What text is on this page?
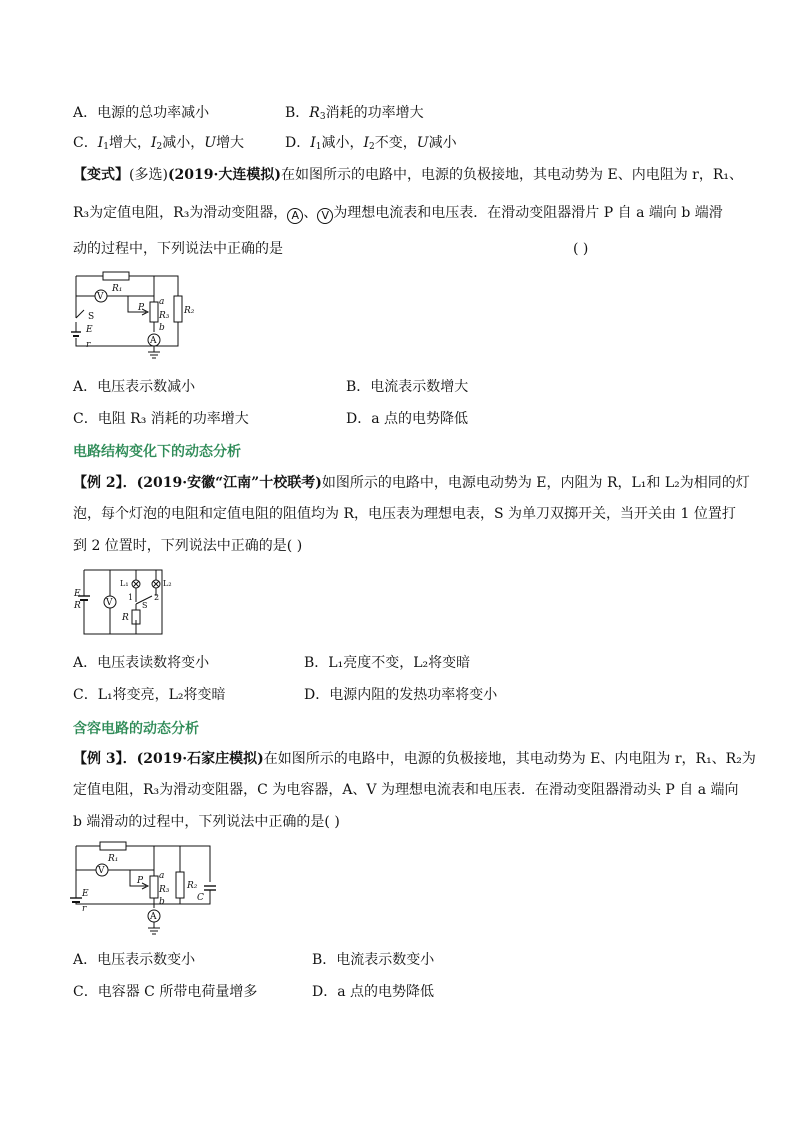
A．电源的总功率减小	B．$R_3$消耗的功率增大
C．$I_1$增大，$I_2$减小，U增大	D．$I_1$减小，$I_2$不变，U减小
【变式】(多选)(2019·大连模拟)在如图所示的电路中，电源的负极接地，其电动势为 E、内电阻为 r，R₁、
R₃为定值电阻，R₃为滑动变阻器， A 、 V 为理想电流表和电压表．在滑动变阻器滑片 P 自 a 端向 b 端滑
动的过程中，下列说法中正确的是	( )
R₁
V
A
R₂
R₃
a
b
P
S
E
r
A．电压表示数减小	B．电流表示数增大
C．电阻 R₃ 消耗的功率增大	D．a 点的电势降低
电路结构变化下的动态分析
【例 2】．(2019·安徽“江南”十校联考)如图所示的电路中，电源电动势为 E，内阻为 R，L₁和 L₂为相同的灯
泡，每个灯泡的电阻和定值电阻的阻值均为 R，电压表为理想电表，S 为单刀双掷开关，当开关由 1 位置打
到 2 位置时，下列说法中正确的是( )
E
R	V
L₁	L₂
1	2
S
R
A．电压表读数将变小	B．L₁亮度不变，L₂将变暗
C．L₁将变亮，L₂将变暗	D．电源内阻的发热功率将变小
含容电路的动态分析
【例 3】．(2019·石家庄模拟)在如图所示的电路中，电源的负极接地，其电动势为 E、内电阻为 r，R₁、R₂为
定值电阻，R₃为滑动变阻器，C 为电容器，A、V 为理想电流表和电压表．在滑动变阻器滑动头 P 自 a 端向
b 端滑动的过程中，下列说法中正确的是( )
R₁
V
A
R₃
a
b
P	R₂
C
E
r
A．电压表示数变小	B．电流表示数变小
C．电容器 C 所带电荷量增多	D．a 点的电势降低
